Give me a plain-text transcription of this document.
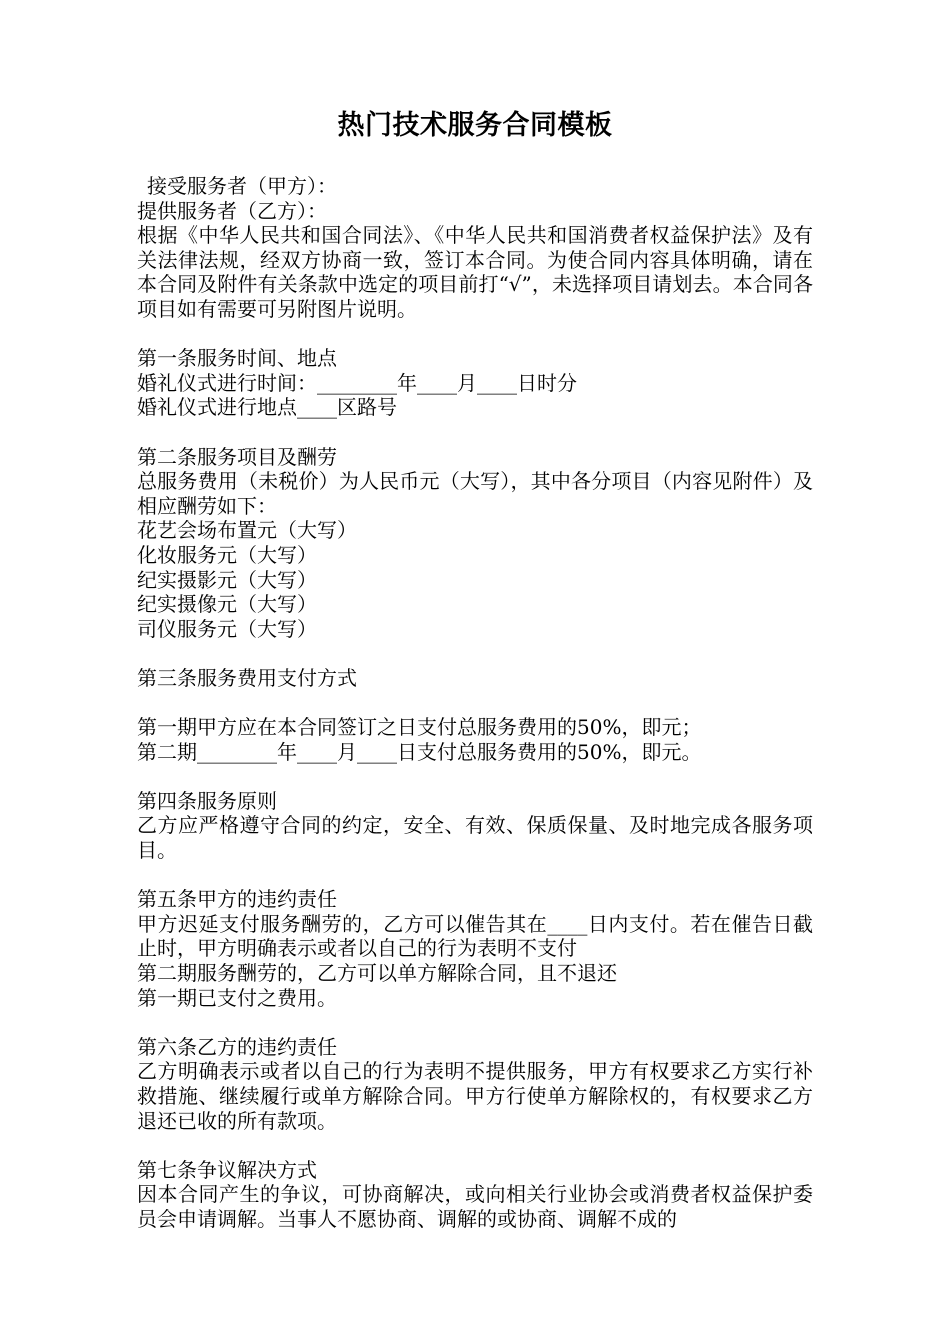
热门技术服务合同模板

接受服务者（甲方）：

提供服务者（乙方）：

根据《中华人民共和国合同法》、《中华人民共和国消费者权益保护法》及有关法律法规，经双方协商一致，签订本合同。为使合同内容具体明确，请在本合同及附件有关条款中选定的项目前打“√”，未选择项目请划去。本合同各项目如有需要可另附图片说明。

第一条服务时间、地点

婚礼仪式进行时间：________年____月____日时分

婚礼仪式进行地点____区路号

第二条服务项目及酬劳

总服务费用（未税价）为人民币元（大写），其中各分项目（内容见附件）及相应酬劳如下：

花艺会场布置元（大写）

化妆服务元（大写）

纪实摄影元（大写）

纪实摄像元（大写）

司仪服务元（大写）

第三条服务费用支付方式

第一期甲方应在本合同签订之日支付总服务费用的50%，即元；

第二期________年____月____日支付总服务费用的50%，即元。

第四条服务原则

乙方应严格遵守合同的约定，安全、有效、保质保量、及时地完成各服务项目。

第五条甲方的违约责任

甲方迟延支付服务酬劳的，乙方可以催告其在____日内支付。若在催告日截止时，甲方明确表示或者以自己的行为表明不支付

第二期服务酬劳的，乙方可以单方解除合同，且不退还

第一期已支付之费用。

第六条乙方的违约责任

乙方明确表示或者以自己的行为表明不提供服务，甲方有权要求乙方实行补救措施、继续履行或单方解除合同。甲方行使单方解除权的，有权要求乙方退还已收的所有款项。

第七条争议解决方式

因本合同产生的争议，可协商解决，或向相关行业协会或消费者权益保护委员会申请调解。当事人不愿协商、调解的或协商、调解不成的
